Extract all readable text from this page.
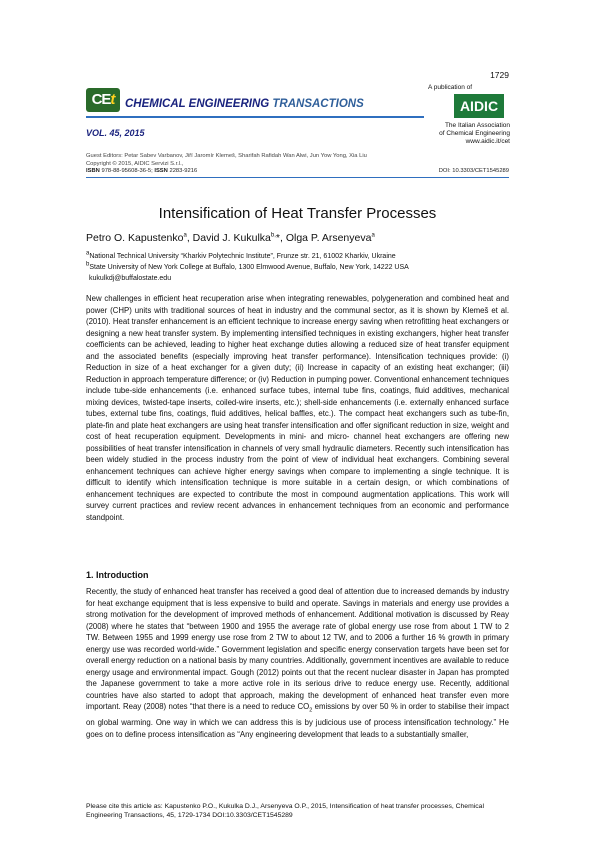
1729
CEt CHEMICAL ENGINEERING TRANSACTIONS
VOL. 45, 2015
A publication of
AIDIC
The Italian Association
of Chemical Engineering
www.aidic.it/cet
Guest Editors: Petar Sabev Varbanov, Jiří Jaromír Klemeš, Sharifah Rafidah Wan Alwi, Jun Yow Yong, Xia Liu
Copyright © 2015, AIDIC Servizi S.r.l.,
ISBN 978-88-95608-36-5; ISSN 2283-9216	DOI: 10.3303/CET1545289
Intensification of Heat Transfer Processes
Petro O. Kapustenko$^a$, David J. Kukulka$^{b,}$*, Olga P. Arsenyeva$^a$
$^a$National Technical University “Kharkiv Polytechnic Institute”, Frunze str. 21, 61002 Kharkiv, Ukraine
$^b$State University of New York College at Buffalo, 1300 Elmwood Avenue, Buffalo, New York, 14222 USA
kukulkdj@buffalostate.edu
New challenges in efficient heat recuperation arise when integrating renewables, polygeneration and combined heat and power (CHP) units with traditional sources of heat in industry and the communal sector, as it is shown by Klemeš et al. (2010). Heat transfer enhancement is an efficient technique to increase energy saving when retrofitting heat exchangers or designing a new heat transfer system. By implementing intensified techniques in existing exchangers, higher heat transfer coefficients can be achieved, leading to higher heat exchange duties allowing a reduced size of heat transfer equipment and the associated benefits (especially improving heat transfer performance). Intensification techniques provide: (i) Reduction in size of a heat exchanger for a given duty; (ii) Increase in capacity of an existing heat exchanger; (iii) Reduction in approach temperature difference; or (iv) Reduction in pumping power. Conventional enhancement techniques include tube-side enhancements (i.e. enhanced surface tubes, internal tube fins, coatings, fluid additives, mechanical mixing devices, twisted-tape inserts, coiled-wire inserts, etc.); shell-side enhancements (i.e. externally enhanced surface tubes, external tube fins, coatings, fluid additives, helical baffles, etc.). The compact heat exchangers such as tube-fin, plate-fin and plate heat exchangers are using heat transfer intensification and offer significant reduction in size, weight and cost of heat recuperation equipment. Developments in mini- and micro- channel heat exchangers are offering new possibilities of heat transfer intensification in channels of very small hydraulic diameters. Recently such intensification has been widely studied in the process industry from the point of view of individual heat exchangers. Combining several enhancement techniques can achieve higher energy savings when compare to implementing a single technique. It is difficult to identify which intensification technique is more suitable in a certain design, or which combinations of enhancement techniques are expected to contribute the most in compound augmentation applications. This work will survey current practices and review recent advances in enhancement techniques from an economic and performance standpoint.
1. Introduction
Recently, the study of enhanced heat transfer has received a good deal of attention due to increased demands by industry for heat exchange equipment that is less expensive to build and operate. Savings in materials and energy use provides a strong motivation for the development of improved methods of enhancement. Additional motivation is discussed by Reay (2008) where he states that “between 1900 and 1955 the average rate of global energy use rose from about 1 TW to 2 TW. Between 1955 and 1999 energy use rose from 2 TW to about 12 TW, and to 2006 a further 16 % growth in primary energy use was recorded world-wide.” Government legislation and specific energy conservation targets have been set for overall energy reduction on a national basis by many countries. Additionally, government incentives are available to reduce energy usage and environmental impact. Gough (2012) points out that the recent nuclear disaster in Japan has prompted the Japanese government to take a more active role in its serious drive to reduce energy use. Recently, additional countries have also started to adopt that approach, making the development of enhanced heat transfer even more important. Reay (2008) notes “that there is a need to reduce $CO_2$ emissions by over 50 % in order to stabilise their impact on global warming. One way in which we can address this is by judicious use of process intensification technology.” He goes on to define process intensification as “Any engineering development that leads to a substantially smaller,
Please cite this article as: Kapustenko P.O., Kukulka D.J., Arsenyeva O.P., 2015, Intensification of heat transfer processes, Chemical Engineering Transactions, 45, 1729-1734 DOI:10.3303/CET1545289
